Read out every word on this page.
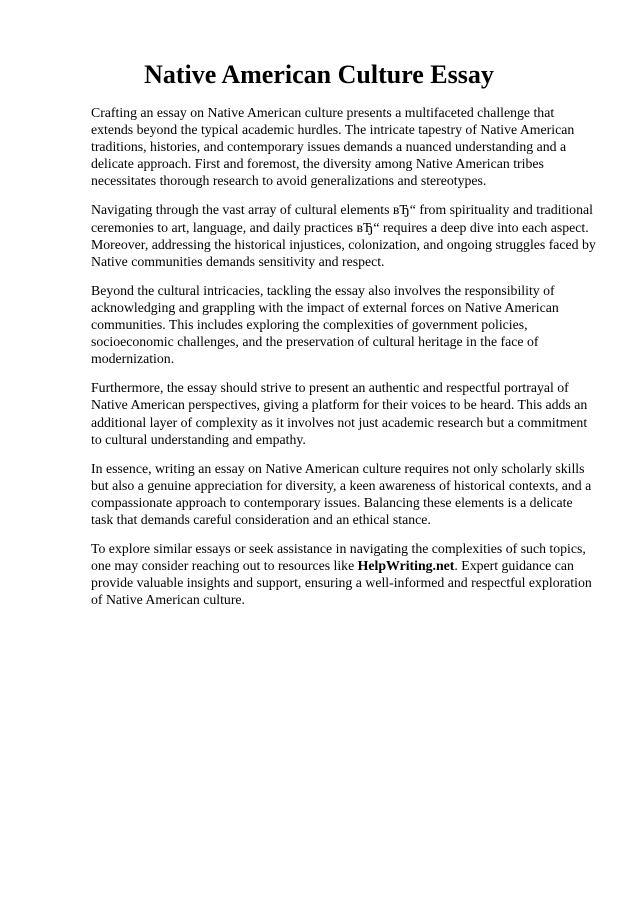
Native American Culture Essay

Crafting an essay on Native American culture presents a multifaceted challenge that extends beyond the typical academic hurdles. The intricate tapestry of Native American traditions, histories, and contemporary issues demands a nuanced understanding and a delicate approach. First and foremost, the diversity among Native American tribes necessitates thorough research to avoid generalizations and stereotypes.

Navigating through the vast array of cultural elements вЂ“ from spirituality and traditional ceremonies to art, language, and daily practices вЂ“ requires a deep dive into each aspect. Moreover, addressing the historical injustices, colonization, and ongoing struggles faced by Native communities demands sensitivity and respect.

Beyond the cultural intricacies, tackling the essay also involves the responsibility of acknowledging and grappling with the impact of external forces on Native American communities. This includes exploring the complexities of government policies, socioeconomic challenges, and the preservation of cultural heritage in the face of modernization.

Furthermore, the essay should strive to present an authentic and respectful portrayal of Native American perspectives, giving a platform for their voices to be heard. This adds an additional layer of complexity as it involves not just academic research but a commitment to cultural understanding and empathy.

In essence, writing an essay on Native American culture requires not only scholarly skills but also a genuine appreciation for diversity, a keen awareness of historical contexts, and a compassionate approach to contemporary issues. Balancing these elements is a delicate task that demands careful consideration and an ethical stance.

To explore similar essays or seek assistance in navigating the complexities of such topics, one may consider reaching out to resources like HelpWriting.net. Expert guidance can provide valuable insights and support, ensuring a well-informed and respectful exploration of Native American culture.
